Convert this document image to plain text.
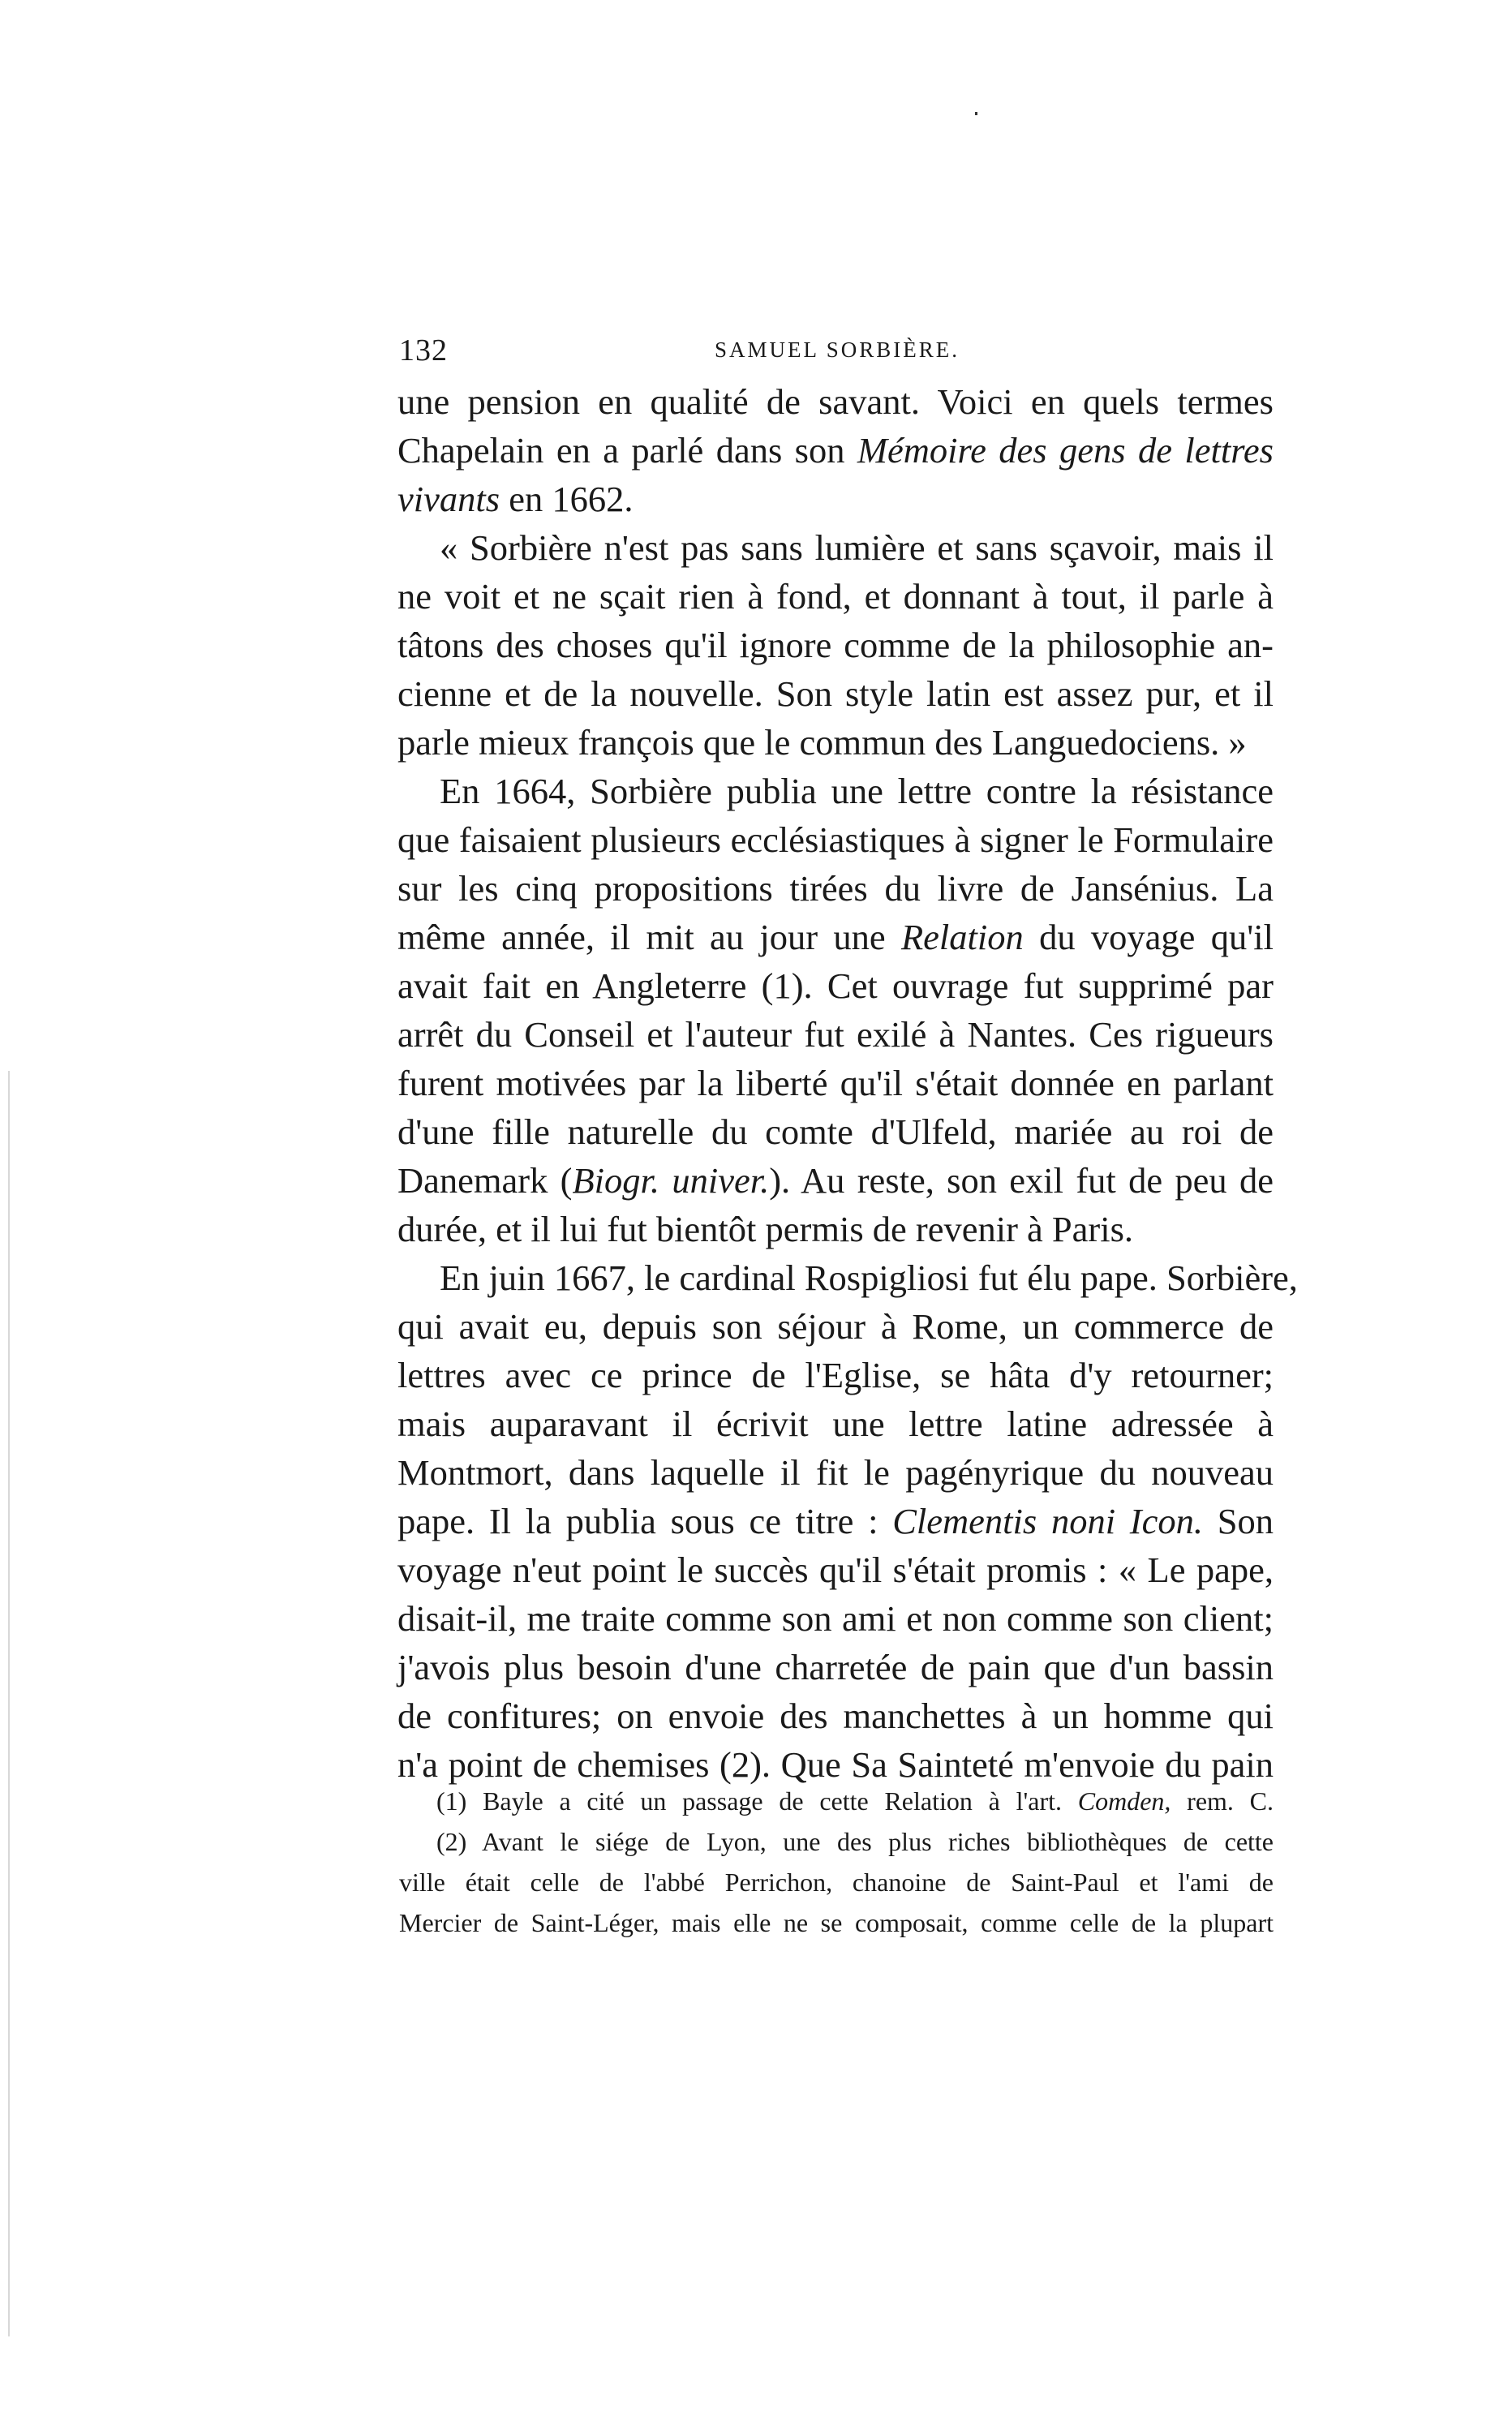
132	SAMUEL SORBIÈRE.
une pension en qualité de savant. Voici en quels termes
Chapelain en a parlé dans son Mémoire des gens de lettres
vivants en 1662.
« Sorbière n'est pas sans lumière et sans sçavoir, mais il
ne voit et ne sçait rien à fond, et donnant à tout, il parle à
tâtons des choses qu'il ignore comme de la philosophie an-
cienne et de la nouvelle. Son style latin est assez pur, et il
parle mieux françois que le commun des Languedociens. »
En 1664, Sorbière publia une lettre contre la résistance
que faisaient plusieurs ecclésiastiques à signer le Formulaire
sur les cinq propositions tirées du livre de Jansénius. La
même année, il mit au jour une Relation du voyage qu'il
avait fait en Angleterre (1). Cet ouvrage fut supprimé par
arrêt du Conseil et l'auteur fut exilé à Nantes. Ces rigueurs
furent motivées par la liberté qu'il s'était donnée en parlant
d'une fille naturelle du comte d'Ulfeld, mariée au roi de
Danemark (Biogr. univer.). Au reste, son exil fut de peu de
durée, et il lui fut bientôt permis de revenir à Paris.
En juin 1667, le cardinal Rospigliosi fut élu pape. Sorbière,
qui avait eu, depuis son séjour à Rome, un commerce de
lettres avec ce prince de l'Eglise, se hâta d'y retourner;
mais auparavant il écrivit une lettre latine adressée à
Montmort, dans laquelle il fit le pagényrique du nouveau
pape. Il la publia sous ce titre : Clementis noni Icon. Son
voyage n'eut point le succès qu'il s'était promis : « Le pape,
disait-il, me traite comme son ami et non comme son client;
j'avois plus besoin d'une charretée de pain que d'un bassin
de confitures; on envoie des manchettes à un homme qui
n'a point de chemises (2). Que Sa Sainteté m'envoie du pain
(1) Bayle a cité un passage de cette Relation à l'art. Comden, rem. C.
(2) Avant le siége de Lyon, une des plus riches bibliothèques de cette
ville était celle de l'abbé Perrichon, chanoine de Saint-Paul et l'ami de
Mercier de Saint-Léger, mais elle ne se composait, comme celle de la plupart
